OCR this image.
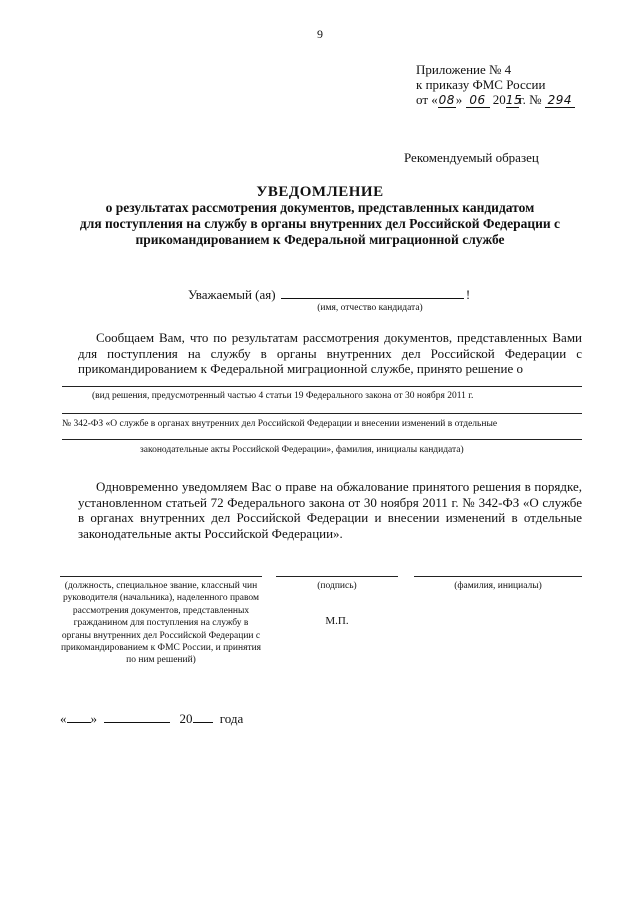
9
Приложение № 4
к приказу ФМС России
от «08» 06 2015г. № 294
Рекомендуемый образец
УВЕДОМЛЕНИЕ
о результатах рассмотрения документов, представленных кандидатом
для поступления на службу в органы внутренних дел Российской Федерации с
прикомандированием к Федеральной миграционной службе
Уважаемый (ая)	!
(имя, отчество кандидата)
Сообщаем Вам, что по результатам рассмотрения документов, представленных Вами для поступления на службу в органы внутренних дел Российской Федерации с прикомандированием к Федеральной миграционной службе, принято решение о
(вид решения, предусмотренный частью 4 статьи 19 Федерального закона от 30 ноября 2011 г.
№ 342-ФЗ «О службе в органах внутренних дел Российской Федерации и внесении изменений в отдельные
законодательные акты Российской Федерации», фамилия, инициалы кандидата)
Одновременно уведомляем Вас о праве на обжалование принятого решения в порядке, установленном статьей 72 Федерального закона от 30 ноября 2011 г. № 342-ФЗ «О службе в органах внутренних дел Российской Федерации и внесении изменений в отдельные законодательные акты Российской Федерации».
(должность, специальное звание, классный чин руководителя (начальника), наделенного правом рассмотрения документов, представленных гражданином для поступления на службу в органы внутренних дел Российской Федерации с прикомандированием к ФМС России, и принятия по ним решений)
(подпись)
М.П.
(фамилия, инициалы)
« »	20 года
